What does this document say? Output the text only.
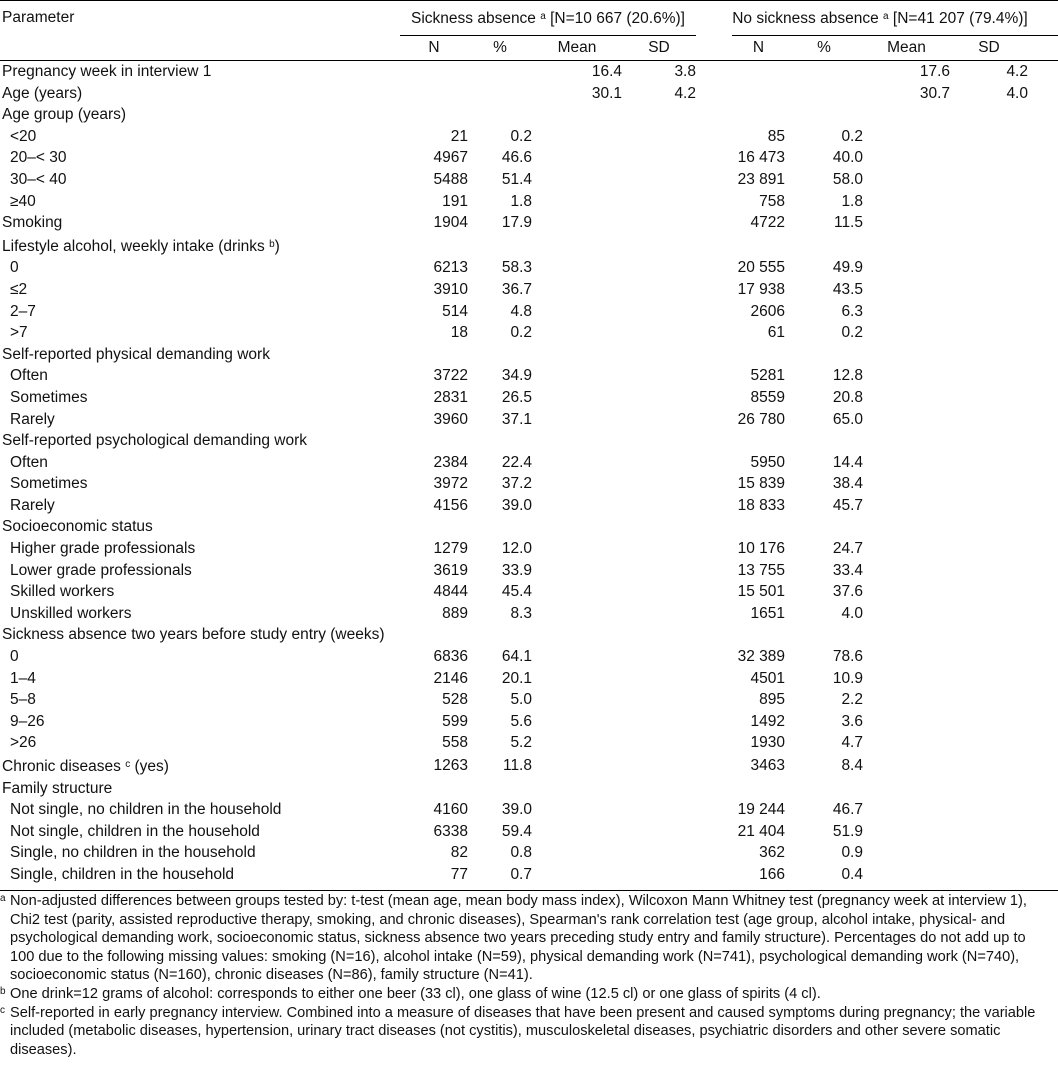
Parameter	Sickness absence $^a$ [N=10 667 (20.6%)]					No sickness absence $^a$ [N=41 207 (79.4%)]				
	N	%	Mean	SD		N	%	Mean	SD	
Pregnancy week in interview 1			16.4	3.8				17.6	4.2	
Age (years)			30.1	4.2				30.7	4.0	
Age group (years)										
<20	21	0.2				85	0.2			
20–< 30	4967	46.6				16 473	40.0			
30–< 40	5488	51.4				23 891	58.0			
≥40	191	1.8				758	1.8			
Smoking	1904	17.9				4722	11.5			
Lifestyle alcohol, weekly intake (drinks $^b$)										
0	6213	58.3				20 555	49.9			
≤2	3910	36.7				17 938	43.5			
2–7	514	4.8				2606	6.3			
>7	18	0.2				61	0.2			
Self-reported physical demanding work										
Often	3722	34.9				5281	12.8			
Sometimes	2831	26.5				8559	20.8			
Rarely	3960	37.1				26 780	65.0			
Self-reported psychological demanding work										
Often	2384	22.4				5950	14.4			
Sometimes	3972	37.2				15 839	38.4			
Rarely	4156	39.0				18 833	45.7			
Socioeconomic status										
Higher grade professionals	1279	12.0				10 176	24.7			
Lower grade professionals	3619	33.9				13 755	33.4			
Skilled workers	4844	45.4				15 501	37.6			
Unskilled workers	889	8.3				1651	4.0			
Sickness absence two years before study entry (weeks)										
0	6836	64.1				32 389	78.6			
1–4	2146	20.1				4501	10.9			
5–8	528	5.0				895	2.2			
9–26	599	5.6				1492	3.6			
>26	558	5.2				1930	4.7			
Chronic diseases $^c$ (yes)	1263	11.8				3463	8.4			
Family structure										
Not single, no children in the household	4160	39.0				19 244	46.7			
Not single, children in the household	6338	59.4				21 404	51.9			
Single, no children in the household	82	0.8				362	0.9			
Single, children in the household	77	0.7				166	0.4			

a Non-adjusted differences between groups tested by: t-test (mean age, mean body mass index), Wilcoxon Mann Whitney test (pregnancy week at interview 1), Chi2 test (parity, assisted reproductive therapy, smoking, and chronic diseases), Spearman's rank correlation test (age group, alcohol intake, physical- and psychological demanding work, socioeconomic status, sickness absence two years preceding study entry and family structure). Percentages do not add up to 100 due to the following missing values: smoking (N=16), alcohol intake (N=59), physical demanding work (N=741), psychological demanding work (N=740), socioeconomic status (N=160), chronic diseases (N=86), family structure (N=41).
b One drink=12 grams of alcohol: corresponds to either one beer (33 cl), one glass of wine (12.5 cl) or one glass of spirits (4 cl).
c Self-reported in early pregnancy interview. Combined into a measure of diseases that have been present and caused symptoms during pregnancy; the variable included (metabolic diseases, hypertension, urinary tract diseases (not cystitis), musculoskeletal diseases, psychiatric disorders and other severe somatic diseases).
